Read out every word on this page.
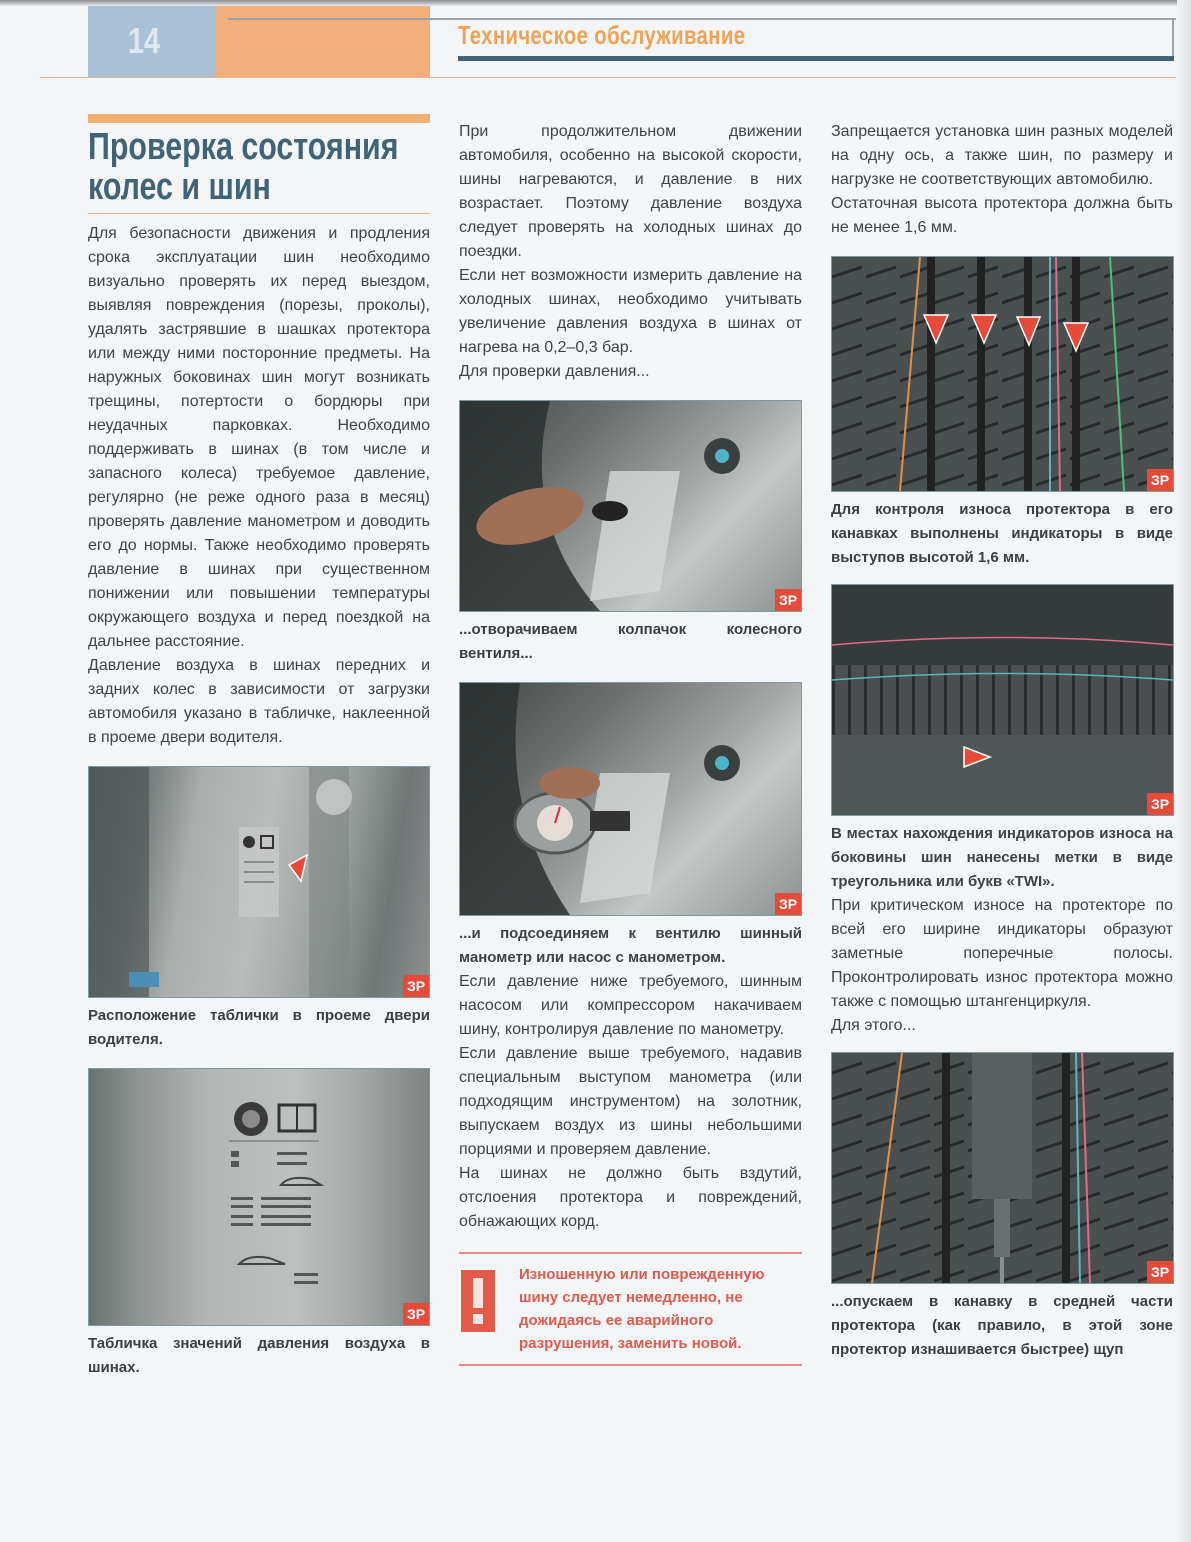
14	Техническое обслуживание
Проверка состояния
колес и шин

Для безопасности движения и продления срока эксплуатации шин необходимо визуально проверять их перед выездом, выявляя повреждения (порезы, проколы), удалять застрявшие в шашках протектора или между ними посторонние предметы. На наружных боковинах шин могут возникать трещины, потертости о бордюры при неудачных парковках. Необходимо поддерживать в шинах (в том числе и запасного колеса) требуемое давление, регулярно (не реже одного раза в месяц) проверять давление манометром и доводить его до нормы. Также необходимо проверять давление в шинах при существенном понижении или повышении температуры окружающего воздуха и перед поездкой на дальнее расстояние.

Давление воздуха в шинах передних и задних колес в зависимости от загрузки автомобиля указано в табличке, наклеенной в проеме двери водителя.

ЗР

Расположение таблички в проеме двери водителя.

ЗР

Табличка значений давления воздуха в шинах.

При продолжительном движении автомобиля, особенно на высокой скорости, шины нагреваются, и давление в них возрастает. Поэтому давление воздуха следует проверять на холодных шинах до поездки.

Если нет возможности измерить давление на холодных шинах, необходимо учитывать увеличение давления воздуха в шинах от нагрева на 0,2–0,3 бар.

Для проверки давления...

ЗР

...отворачиваем колпачок колесного вентиля...

ЗР

...и подсоединяем к вентилю шинный манометр или насос с манометром.

Если давление ниже требуемого, шинным насосом или компрессором накачиваем шину, контролируя давление по манометру.

Если давление выше требуемого, надавив специальным выступом манометра (или подходящим инструментом) на золотник, выпускаем воздух из шины небольшими порциями и проверяем давление.

На шинах не должно быть вздутий, отслоения протектора и повреждений, обнажающих корд.

Изношенную или поврежденную шину следует немедленно, не дожидаясь ее аварийного разрушения, заменить новой.

Запрещается установка шин разных моделей на одну ось, а также шин, по размеру и нагрузке не соответствующих автомобилю.

Остаточная высота протектора должна быть не менее 1,6 мм.

ЗР

Для контроля износа протектора в его канавках выполнены индикаторы в виде выступов высотой 1,6 мм.

ЗР

В местах нахождения индикаторов износа на боковины шин нанесены метки в виде треугольника или букв «TWI».

При критическом износе на протекторе по всей его ширине индикаторы образуют заметные поперечные полосы. Проконтролировать износ протектора можно также с помощью штангенциркуля.

Для этого...

ЗР

...опускаем в канавку в средней части протектора (как правило, в этой зоне протектор изнашивается быстрее) щуп
